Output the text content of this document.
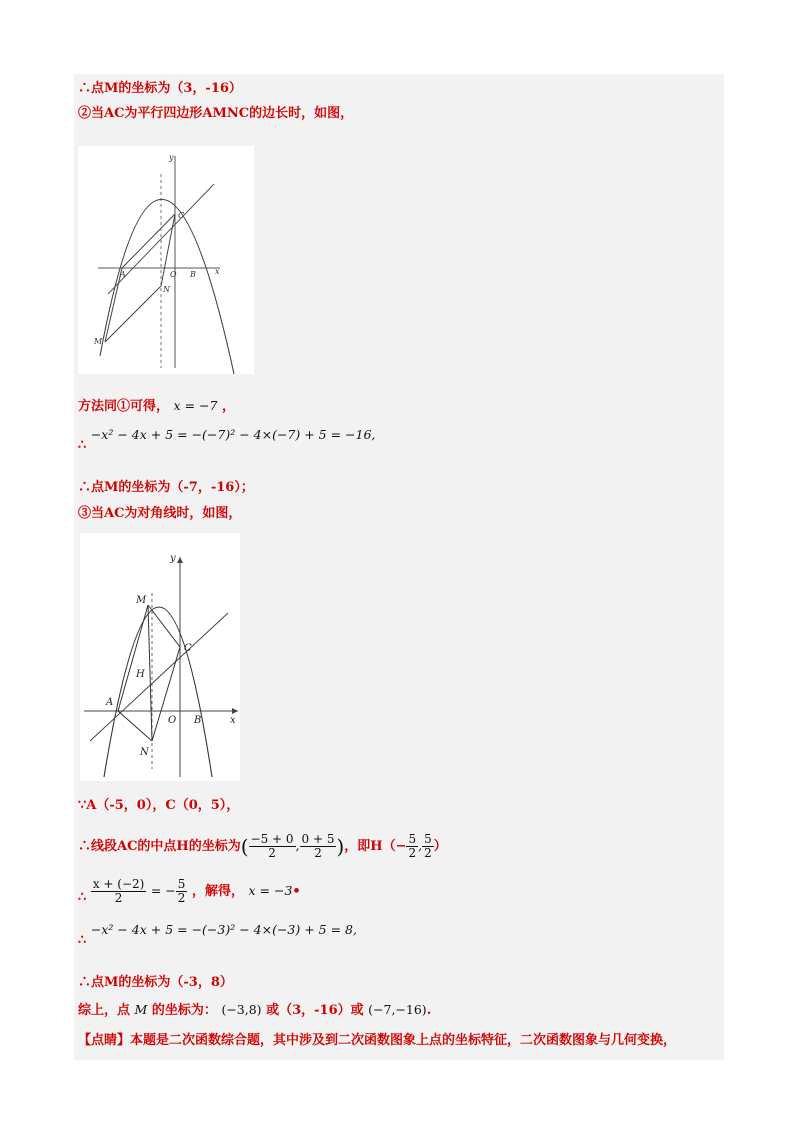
∴点M的坐标为（3，-16）
②当AC为平行四边形AMNC的边长时，如图，
y
x
C
A	O B
N
M
方法同①可得， x = −7 ，
∴ −x² − 4x + 5 = −(−7)² − 4×(−7) + 5 = −16,
∴点M的坐标为（-7，-16）；
③当AC为对角线时，如图，
y
x
M
C
H
A
O B
N
∵A（-5，0），C（0，5），
∴线段AC的中点H的坐标为( $\frac{-5 + 0}{2}$ , $\frac{0 + 5}{2}$ )，即$H(- \frac{5}{2}$ , $\frac{5}{2}$ ）
∴ $\frac{x + (-2)}{2}$ = − $\frac{5}{2}$ ，解得， x = −3•
∴ −x² − 4x + 5 = −(−3)² − 4×(−3) + 5 = 8,
∴点M的坐标为（-3，8）
综上，点 M 的坐标为： (−3,8) 或（3，-16）或 (−7,−16).
【点睛】本题是二次函数综合题，其中涉及到二次函数图象上点的坐标特征，二次函数图象与几何变换，
